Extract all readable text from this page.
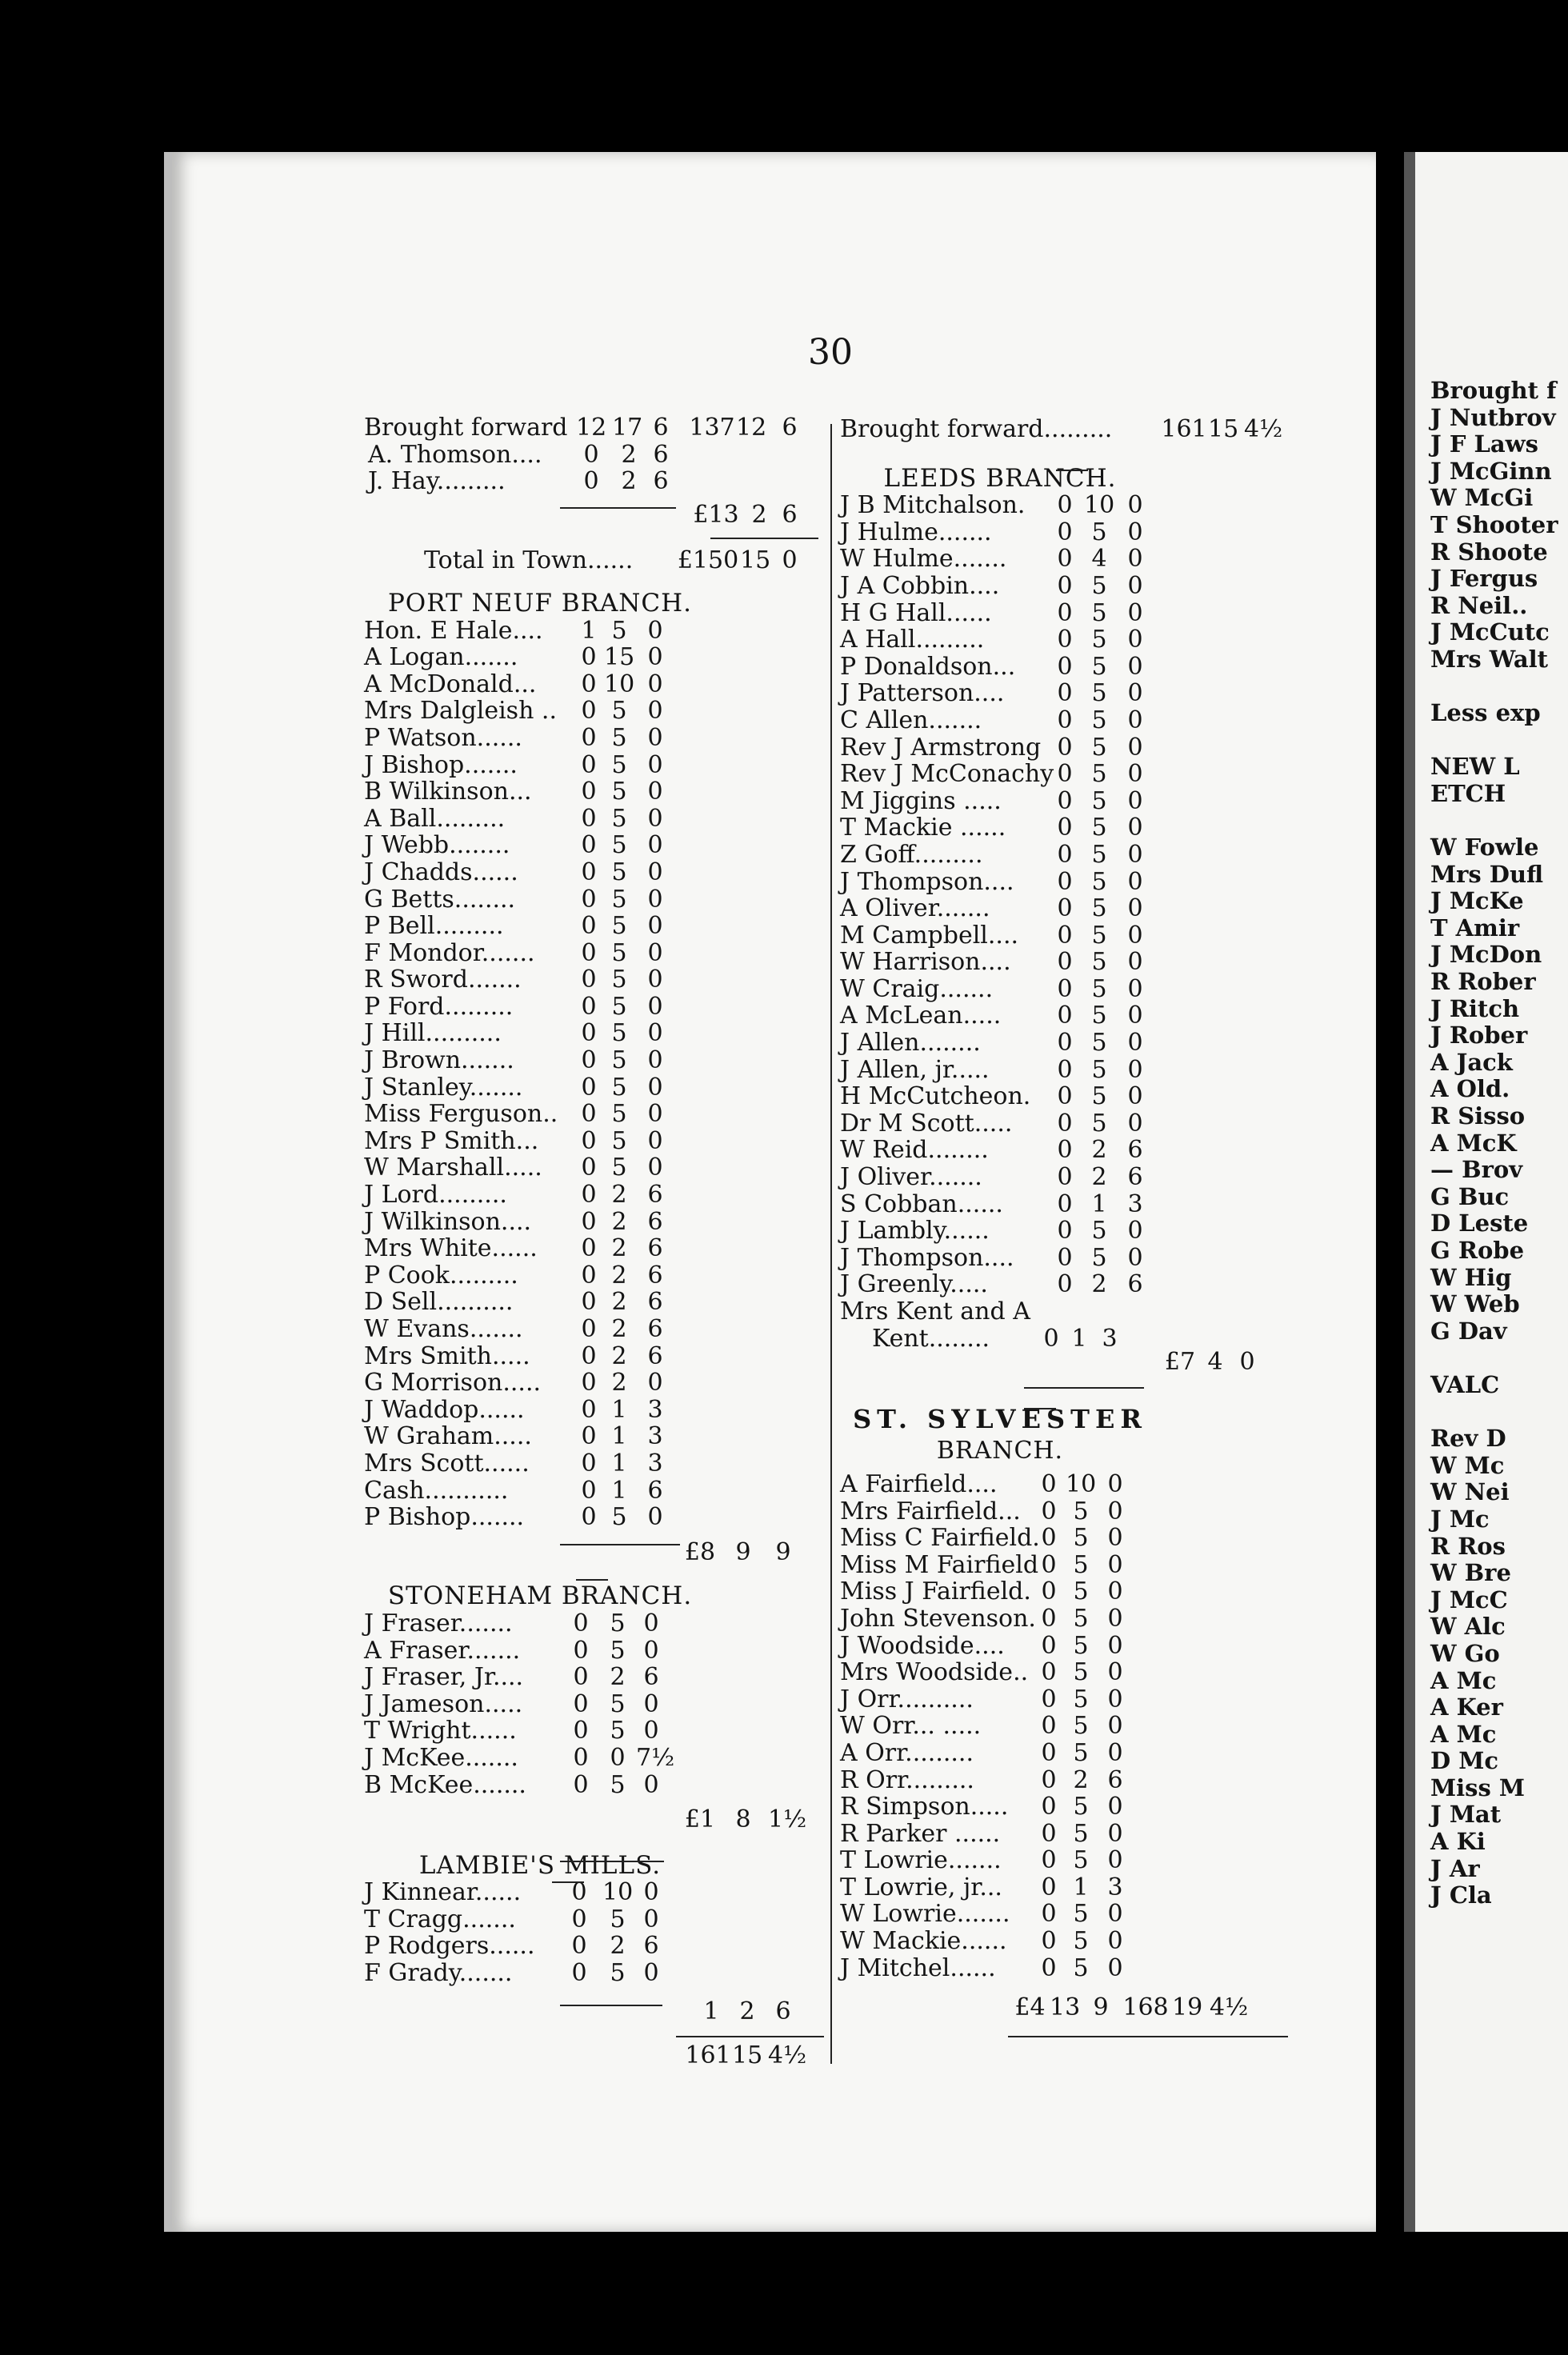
30
Brought forward 12 17 6 137 12 6
A. Thomson....	0 2 6
J. Hay.........	0 2 6
£13 2 6
Total in Town...... £150 15 0
PORT NEUF BRANCH.
Hon. E Hale....	1 5 0
A Logan.......	0 15 0
A McDonald...	0 10 0
Mrs Dalgleish ..	0 5 0
P Watson......	0 5 0
J Bishop.......	0 5 0
B Wilkinson...	0 5 0
A Ball.........	0 5 0
J Webb........	0 5 0
J Chadds......	0 5 0
G Betts........	0 5 0
P Bell.........	0 5 0
F Mondor.......	0 5 0
R Sword.......	0 5 0
P Ford.........	0 5 0
J Hill..........	0 5 0
J Brown.......	0 5 0
J Stanley.......	0 5 0
Miss Ferguson.. 0 5 0
Mrs P Smith...	0 5 0
W Marshall.....	0 5 0
J Lord.........	0 2 6
J Wilkinson....	0 2 6
Mrs White......	0 2 6
P Cook.........	0 2 6
D Sell..........	0 2 6
W Evans.......	0 2 6
Mrs Smith.....	0 2 6
G Morrison.....	0 2 0
J Waddop......	0 1 3
W Graham.....	0 1 3
Mrs Scott......	0 1 3
Cash...........	0 1 6
P Bishop.......	0 5 0
£8 9	9
STONEHAM BRANCH.
J Fraser.......	0 5 0
A Fraser.......	0 5 0
J Fraser, Jr....	0 2 6
J Jameson.....	0 5 0
T Wright......	0 5 0
J McKee.......	0 0 7½
B McKee.......	0 5 0
£1 8 1½
LAMBIE'S MILLS.
J Kinnear......	0 10 0
T Cragg.......	0 5 0
P Rodgers......	0 2 6
F Grady.......	0 5 0
1 2 6
161 15 4½
Brought forward......... 161 15 4½
LEEDS BRANCH.
J B Mitchalson.	0 10 0
J Hulme.......	0 5 0
W Hulme.......	0 4 0
J A Cobbin....	0 5 0
H G Hall......	0 5 0
A Hall.........	0 5 0
P Donaldson...	0 5 0
J Patterson....	0 5 0
C Allen.......	0 5 0
Rev J Armstrong 0 5 0
Rev J McConachy 0 5 0
M Jiggins .....	0 5 0
T Mackie ......	0 5 0
Z Goff.........	0 5 0
J Thompson....	0 5 0
A Oliver.......	0 5 0
M Campbell....	0 5 0
W Harrison....	0 5 0
W Craig.......	0 5 0
A McLean.....	0 5 0
J Allen........	0 5 0
J Allen, jr.....	0 5 0
H McCutcheon.	0 5 0
Dr M Scott.....	0 5 0
W Reid........	0 2 6
J Oliver.......	0 2 6
S Cobban......	0 1 3
J Lambly......	0 5 0
J Thompson....	0 5 0
J Greenly.....	0 2 6
Mrs Kent and A
Kent........	0 1 3
£7 4 0
ST. SYLVESTER
BRANCH.
A Fairfield....	0 10 0
Mrs Fairfield... 0 5 0
Miss C Fairfield. 0 5 0
Miss M Fairfield 0 5 0
Miss J Fairfield. 0 5 0
John Stevenson. 0 5 0
J Woodside....	0 5 0
Mrs Woodside.. 0 5 0
J Orr..........	0 5 0
W Orr... .....	0 5 0
A Orr.........	0 5 0
R Orr.........	0 2 6
R Simpson.....	0 5 0
R Parker ......	0 5 0
T Lowrie.......	0 5 0
T Lowrie, jr...	0 1 3
W Lowrie.......	0 5 0
W Mackie......	0 5 0
J Mitchel......	0 5 0
£4 13 9 168 19 4½
Brought f
J Nutbrov
J F Laws
J McGinn
W McGi
T Shooter
R Shoote
J Fergus
R Neil..
J McCutc
Mrs Walt
Less exp
NEW L
ETCH
W Fowle
Mrs Dufl
J McKe
T Amir
J McDon
R Rober
J Ritch
J Rober
A Jack
A Old.
R Sisso
A McK
— Brov
G Buc
D Leste
G Robe
W Hig
W Web
G Dav
VALC
Rev D
W Mc
W Nei
J Mc
R Ros
W Bre
J McC
W Alc
W Go
A Mc
A Ker
A Mc
D Mc
Miss M
J Mat
A Ki
J Ar
J Cla
